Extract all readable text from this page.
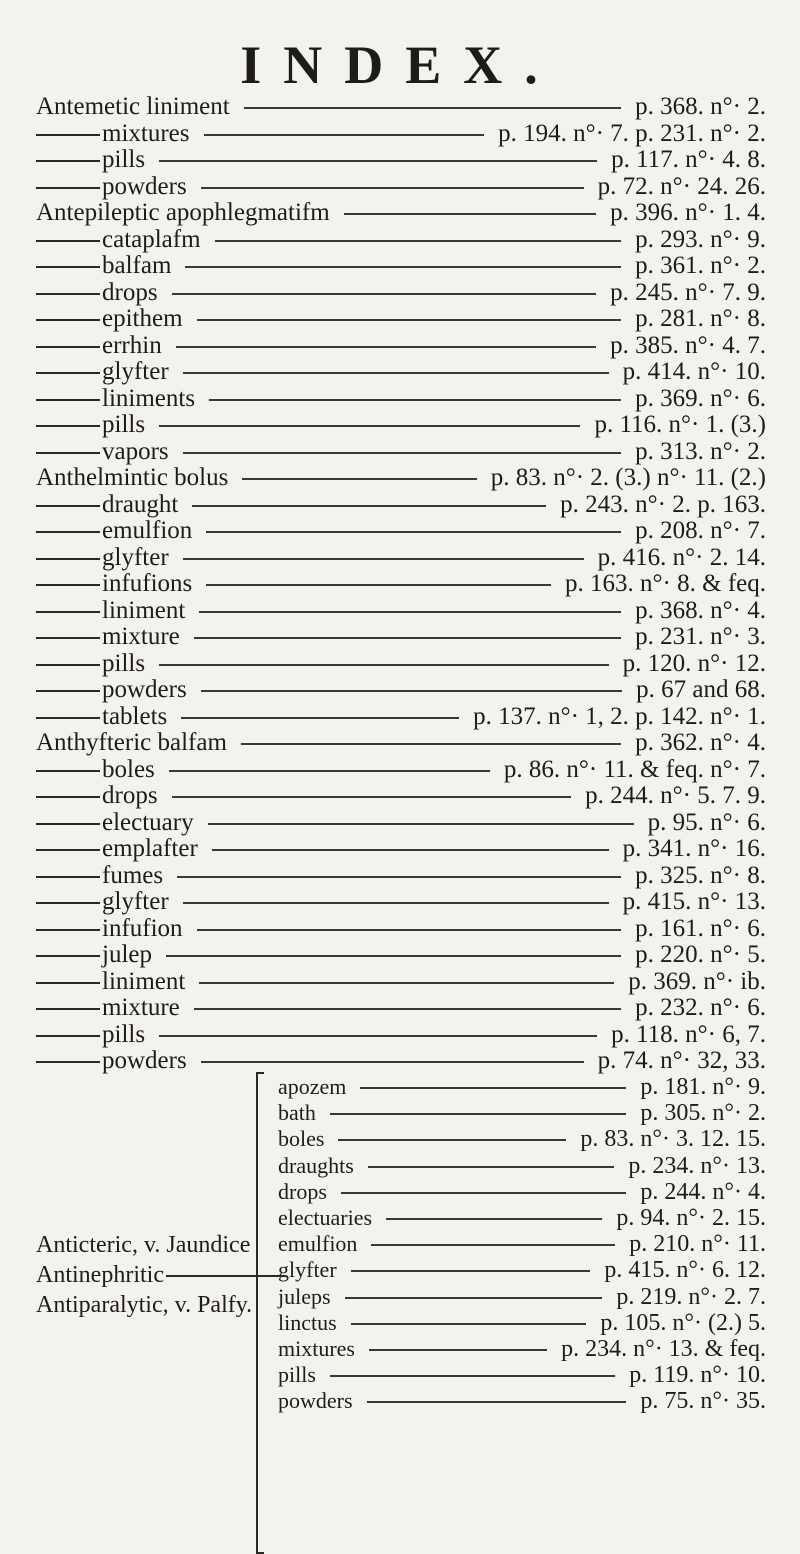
INDEX.
Antemetic liniment	p. 368. n°· 2.
mixtures	p. 194. n°· 7. p. 231. n°· 2.
pills	p. 117. n°· 4. 8.
powders	p. 72. n°· 24. 26.
Antepileptic apophlegmatifm	p. 396. n°· 1. 4.
cataplafm	p. 293. n°· 9.
balfam	p. 361. n°· 2.
drops	p. 245. n°· 7. 9.
epithem	p. 281. n°· 8.
errhin	p. 385. n°· 4. 7.
glyfter	p. 414. n°· 10.
liniments	p. 369. n°· 6.
pills	p. 116. n°· 1. (3.)
vapors	p. 313. n°· 2.
Anthelmintic bolus	p. 83. n°· 2. (3.) n°· 11. (2.)
draught	p. 243. n°· 2. p. 163.
emulfion	p. 208. n°· 7.
glyfter	p. 416. n°· 2. 14.
infufions	p. 163. n°· 8. & feq.
liniment	p. 368. n°· 4.
mixture	p. 231. n°· 3.
pills	p. 120. n°· 12.
powders	p. 67 and 68.
tablets	p. 137. n°· 1, 2. p. 142. n°· 1.
Anthyfteric balfam	p. 362. n°· 4.
boles	p. 86. n°· 11. & feq. n°· 7.
drops	p. 244. n°· 5. 7. 9.
electuary	p. 95. n°· 6.
emplafter	p. 341. n°· 16.
fumes	p. 325. n°· 8.
glyfter	p. 415. n°· 13.
infufion	p. 161. n°· 6.
julep	p. 220. n°· 5.
liniment	p. 369. n°· ib.
mixture	p. 232. n°· 6.
pills	p. 118. n°· 6, 7.
powders	p. 74. n°· 32, 33.
apozem	p. 181. n°· 9.
bath	p. 305. n°· 2.
boles	p. 83. n°· 3. 12. 15.
draughts	p. 234. n°· 13.
drops	p. 244. n°· 4.
electuaries	p. 94. n°· 2. 15.
emulfion	p. 210. n°· 11.
glyfter	p. 415. n°· 6. 12.
juleps	p. 219. n°· 2. 7.
linctus	p. 105. n°· (2.) 5.
mixtures	p. 234. n°· 13. & feq.
pills	p. 119. n°· 10.
powders	p. 75. n°· 35.
Anticteric, v. Jaundice
Antinephritic
Antiparalytic, v. Palfy.
